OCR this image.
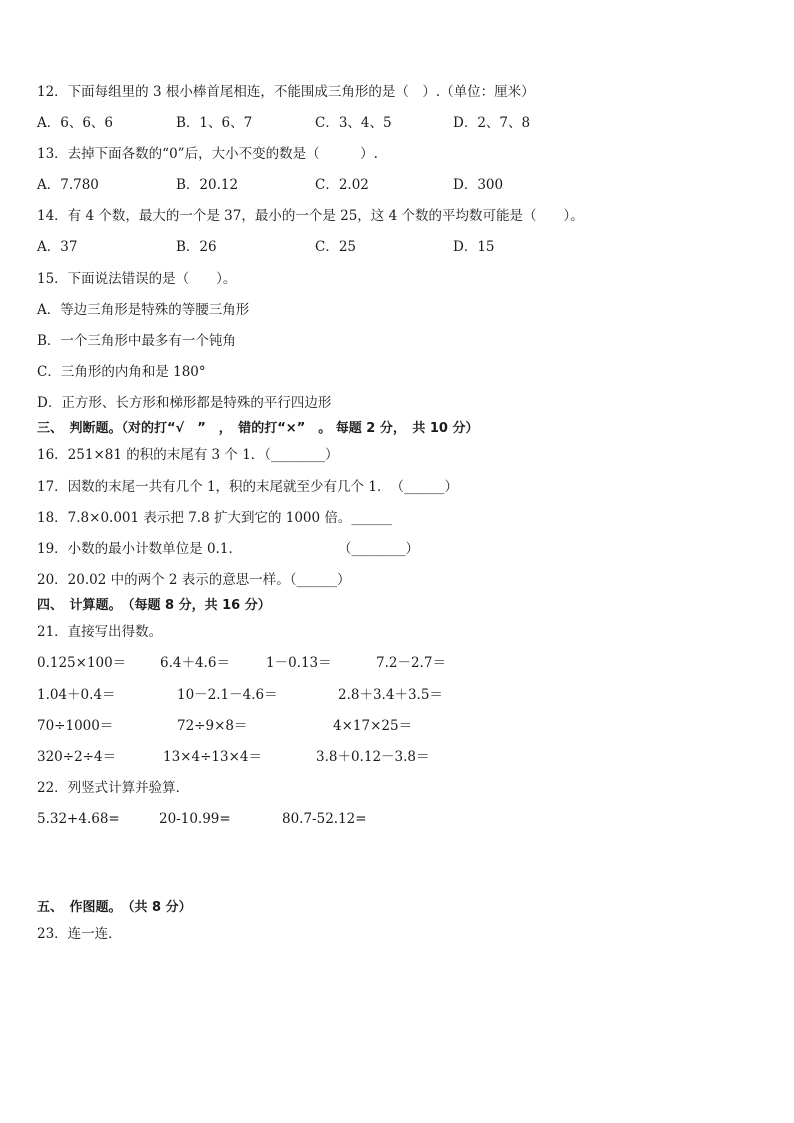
12．下面每组里的 3 根小棒首尾相连，不能围成三角形的是（　）.（单位：厘米）
A．6、6、6	B．1、6、7	C．3、4、5	D．2、7、8
13．去掉下面各数的“0”后，大小不变的数是（　　　）.
A．7.780	B．20.12	C．2.02	D．300
14．有 4 个数，最大的一个是 37，最小的一个是 25，这 4 个数的平均数可能是（　　）。
A．37	B．26	C．25	D．15
15．下面说法错误的是（　　）。
A．等边三角形是特殊的等腰三角形
B．一个三角形中最多有一个钝角
C．三角形的内角和是 180°
D．正方形、长方形和梯形都是特殊的平行四边形
三、　判断题。（对的打“√　”　，　错的打“×”　。 每题 2 分，　共 10 分）
16．251×81 的积的末尾有 3 个 1．（________）
17．因数的末尾一共有几个 1，积的末尾就至少有几个 1．　（______）
18．7.8×0.001 表示把 7.8 扩大到它的 1000 倍。______
19．小数的最小计数单位是 0.1．	（________）
20．20.02 中的两个 2 表示的意思一样。（______）
四、　计算题。　（每题 8 分，共 16 分）
21．直接写出得数。
0.125×100＝	6.4＋4.6＝	1－0.13＝	7.2－2.7＝
1.04＋0.4＝	10－2.1－4.6＝	2.8＋3.4＋3.5＝
70÷1000＝	72÷9×8＝	4×17×25＝
320÷2÷4＝	13×4÷13×4＝	3.8＋0.12－3.8＝
22．列竖式计算并验算．
5.32+4.68=	20-10.99=	80.7-52.12=
五、　作图题。　（共 8 分）
23．连一连．
